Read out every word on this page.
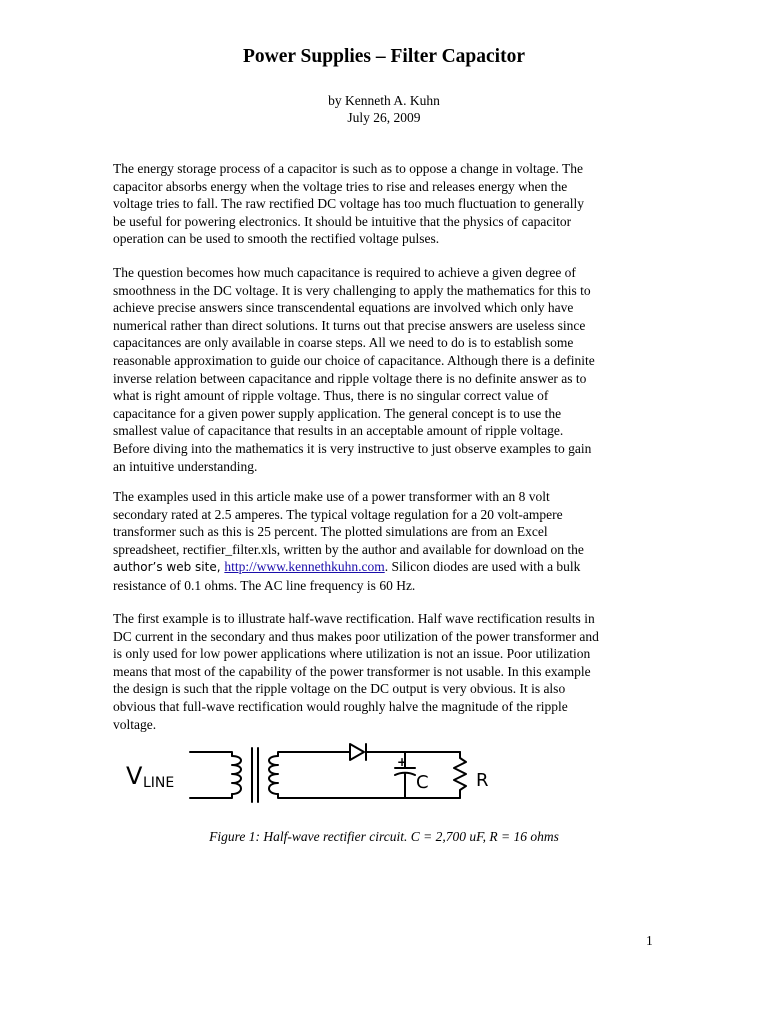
Power Supplies – Filter Capacitor
by Kenneth A. Kuhn
July 26, 2009
The energy storage process of a capacitor is such as to oppose a change in voltage. The
capacitor absorbs energy when the voltage tries to rise and releases energy when the
voltage tries to fall. The raw rectified DC voltage has too much fluctuation to generally
be useful for powering electronics. It should be intuitive that the physics of capacitor
operation can be used to smooth the rectified voltage pulses.
The question becomes how much capacitance is required to achieve a given degree of
smoothness in the DC voltage. It is very challenging to apply the mathematics for this to
achieve precise answers since transcendental equations are involved which only have
numerical rather than direct solutions. It turns out that precise answers are useless since
capacitances are only available in coarse steps. All we need to do is to establish some
reasonable approximation to guide our choice of capacitance. Although there is a definite
inverse relation between capacitance and ripple voltage there is no definite answer as to
what is right amount of ripple voltage. Thus, there is no singular correct value of
capacitance for a given power supply application. The general concept is to use the
smallest value of capacitance that results in an acceptable amount of ripple voltage.
Before diving into the mathematics it is very instructive to just observe examples to gain
an intuitive understanding.
The examples used in this article make use of a power transformer with an 8 volt
secondary rated at 2.5 amperes. The typical voltage regulation for a 20 volt-ampere
transformer such as this is 25 percent. The plotted simulations are from an Excel
spreadsheet, rectifier_filter.xls, written by the author and available for download on the
author’s web site, http://www.kennethkuhn.com. Silicon diodes are used with a bulk
resistance of 0.1 ohms. The AC line frequency is 60 Hz.
The first example is to illustrate half-wave rectification. Half wave rectification results in
DC current in the secondary and thus makes poor utilization of the power transformer and
is only used for low power applications where utilization is not an issue. Poor utilization
means that most of the capability of the power transformer is not usable. In this example
the design is such that the ripple voltage on the DC output is very obvious. It is also
obvious that full-wave rectification would roughly halve the magnitude of the ripple
voltage.
V LINE
+
C	R
Figure 1: Half-wave rectifier circuit. C = 2,700 uF, R = 16 ohms
1
